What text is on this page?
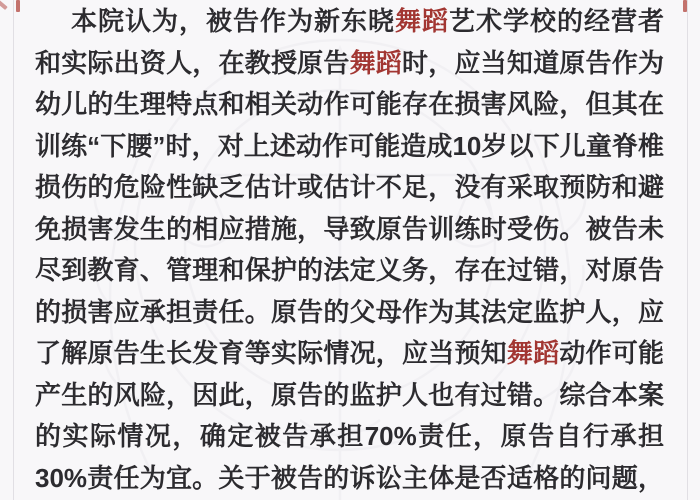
本院认为，被告作为新东晓舞蹈艺术学校的经营者
和实际出资人，在教授原告舞蹈时，应当知道原告作为
幼儿的生理特点和相关动作可能存在损害风险，但其在
训练“下腰”时，对上述动作可能造成10岁以下儿童脊椎
损伤的危险性缺乏估计或估计不足，没有采取预防和避
免损害发生的相应措施，导致原告训练时受伤。被告未
尽到教育、管理和保护的法定义务，存在过错，对原告
的损害应承担责任。原告的父母作为其法定监护人，应
了解原告生长发育等实际情况，应当预知舞蹈动作可能
产生的风险，因此，原告的监护人也有过错。综合本案
的实际情况，确定被告承担70%责任，原告自行承担
30%责任为宜。关于被告的诉讼主体是否适格的问题，
